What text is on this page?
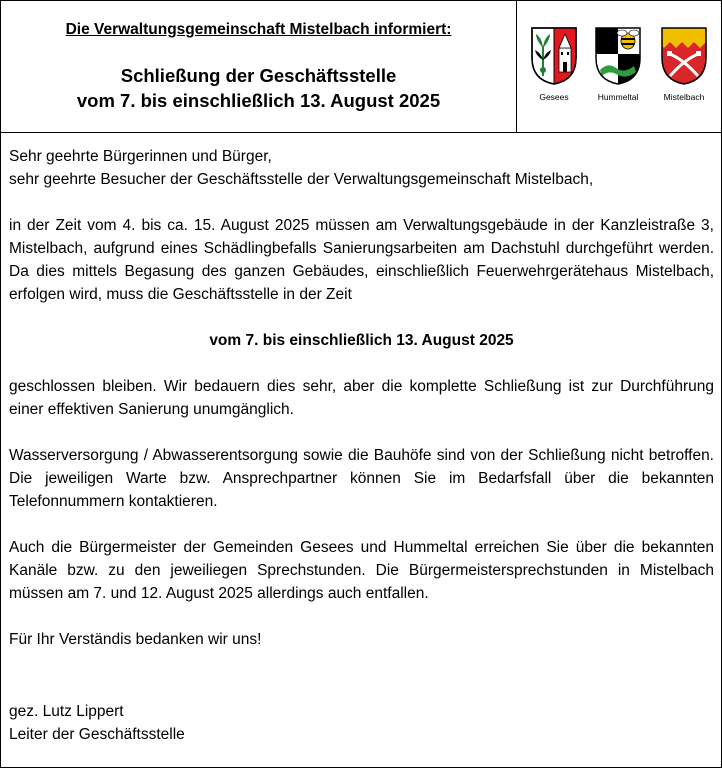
Die Verwaltungsgemeinschaft Mistelbach informiert:
Schließung der Geschäftsstelle
vom 7. bis einschließlich 13. August 2025	Gesees	Hummeltal	Mistelbach

Sehr geehrte Bürgerinnen und Bürger,
sehr geehrte Besucher der Geschäftsstelle der Verwaltungsgemeinschaft Mistelbach,

in der Zeit vom 4. bis ca. 15. August 2025 müssen am Verwaltungsgebäude in der Kanzleistraße 3, Mistelbach, aufgrund eines Schädlingbefalls Sanierungsarbeiten am Dachstuhl durchgeführt werden. Da dies mittels Begasung des ganzen Gebäudes, einschließlich Feuerwehrgerätehaus Mistelbach, erfolgen wird, muss die Geschäftsstelle in der Zeit

vom 7. bis einschließlich 13. August 2025

geschlossen bleiben. Wir bedauern dies sehr, aber die komplette Schließung ist zur Durchführung einer effektiven Sanierung unumgänglich.

Wasserversorgung / Abwasserentsorgung sowie die Bauhöfe sind von der Schließung nicht betroffen. Die jeweiligen Warte bzw. Ansprechpartner können Sie im Bedarfsfall über die bekannten Telefonnummern kontaktieren.

Auch die Bürgermeister der Gemeinden Gesees und Hummeltal erreichen Sie über die bekannten Kanäle bzw. zu den jeweiliegen Sprechstunden. Die Bürgermeistersprechstunden in Mistelbach müssen am 7. und 12. August 2025 allerdings auch entfallen.

Für Ihr Verständis bedanken wir uns!

gez. Lutz Lippert
Leiter der Geschäftsstelle
